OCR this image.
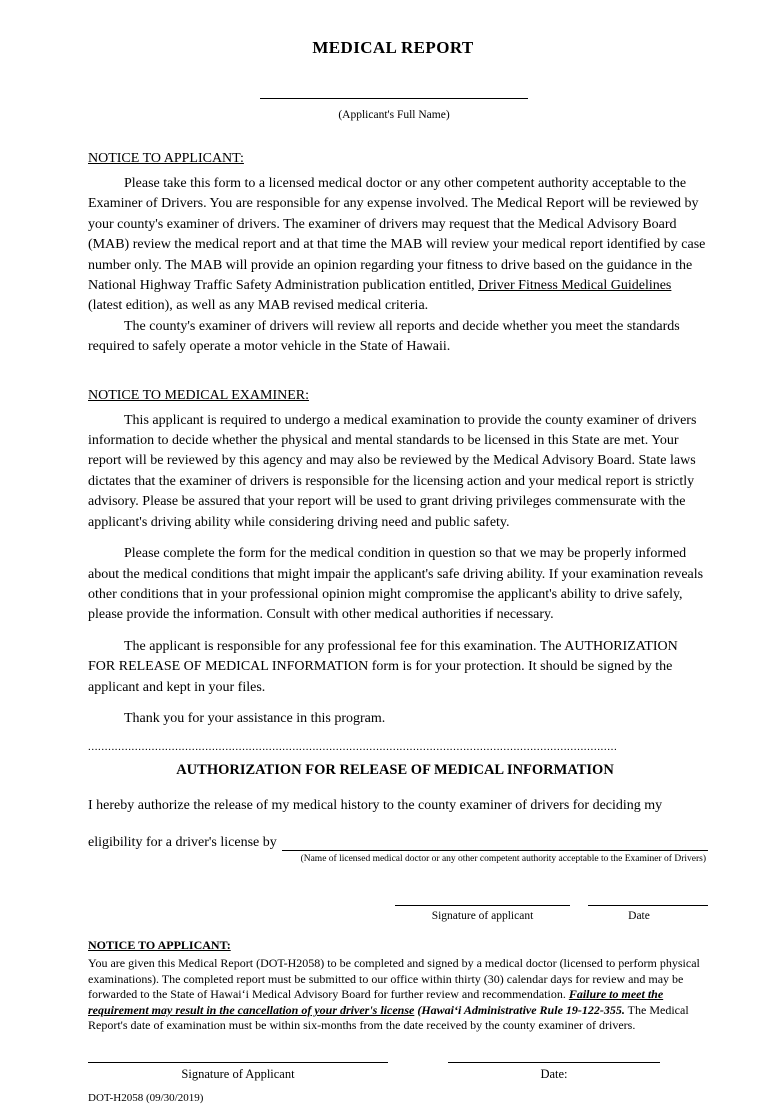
MEDICAL REPORT
(Applicant's Full Name)
NOTICE TO APPLICANT:

Please take this form to a licensed medical doctor or any other competent authority acceptable to the Examiner of Drivers. You are responsible for any expense involved. The Medical Report will be reviewed by your county's examiner of drivers. The examiner of drivers may request that the Medical Advisory Board (MAB) review the medical report and at that time the MAB will review your medical report identified by case number only. The MAB will provide an opinion regarding your fitness to drive based on the guidance in the National Highway Traffic Safety Administration publication entitled, Driver Fitness Medical Guidelines (latest edition), as well as any MAB revised medical criteria.

The county's examiner of drivers will review all reports and decide whether you meet the standards required to safely operate a motor vehicle in the State of Hawaii.

NOTICE TO MEDICAL EXAMINER:

This applicant is required to undergo a medical examination to provide the county examiner of drivers information to decide whether the physical and mental standards to be licensed in this State are met. Your report will be reviewed by this agency and may also be reviewed by the Medical Advisory Board. State laws dictates that the examiner of drivers is responsible for the licensing action and your medical report is strictly advisory. Please be assured that your report will be used to grant driving privileges commensurate with the applicant's driving ability while considering driving need and public safety.

Please complete the form for the medical condition in question so that we may be properly informed about the medical conditions that might impair the applicant's safe driving ability. If your examination reveals other conditions that in your professional opinion might compromise the applicant's ability to drive safely, please provide the information. Consult with other medical authorities if necessary.

The applicant is responsible for any professional fee for this examination. The AUTHORIZATION FOR RELEASE OF MEDICAL INFORMATION form is for your protection. It should be signed by the applicant and kept in your files.

Thank you for your assistance in this program.

..............................................................................................................................................................
AUTHORIZATION FOR RELEASE OF MEDICAL INFORMATION
I hereby authorize the release of my medical history to the county examiner of drivers for deciding my
eligibility for a driver's license by
(Name of licensed medical doctor or any other competent authority acceptable to the Examiner of Drivers)
Signature of applicant	Date
NOTICE TO APPLICANT:
You are given this Medical Report (DOT-H2058) to be completed and signed by a medical doctor (licensed to perform physical examinations). The completed report must be submitted to our office within thirty (30) calendar days for review and may be forwarded to the State of Hawai‘i Medical Advisory Board for further review and recommendation. Failure to meet the requirement may result in the cancellation of your driver's license (Hawai‘i Administrative Rule 19-122-355. The Medical Report's date of examination must be within six-months from the date received by the county examiner of drivers.
Signature of Applicant	Date:
DOT-H2058 (09/30/2019)
